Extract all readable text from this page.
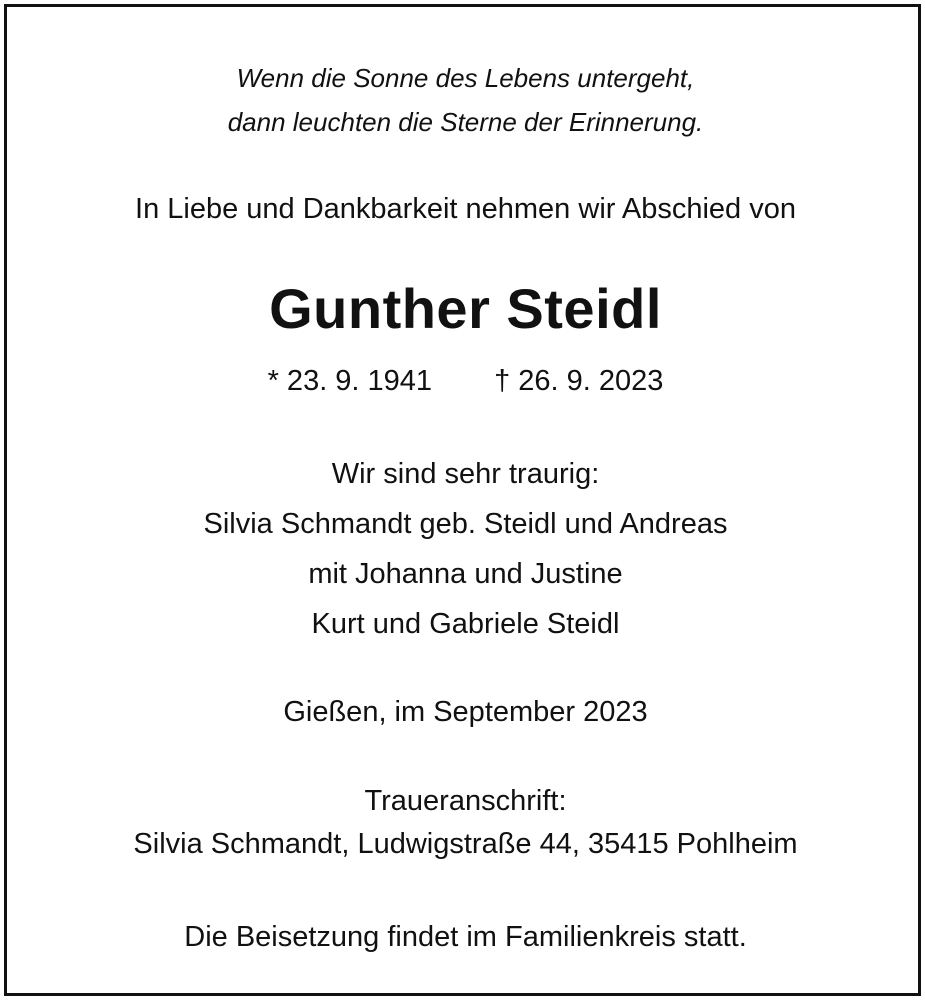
Wenn die Sonne des Lebens untergeht,
dann leuchten die Sterne der Erinnerung.
In Liebe und Dankbarkeit nehmen wir Abschied von
Gunther Steidl
* 23. 9. 1941 † 26. 9. 2023
Wir sind sehr traurig:
Silvia Schmandt geb. Steidl und Andreas
mit Johanna und Justine
Kurt und Gabriele Steidl
Gießen, im September 2023
Traueranschrift:
Silvia Schmandt, Ludwigstraße 44, 35415 Pohlheim
Die Beisetzung findet im Familienkreis statt.
